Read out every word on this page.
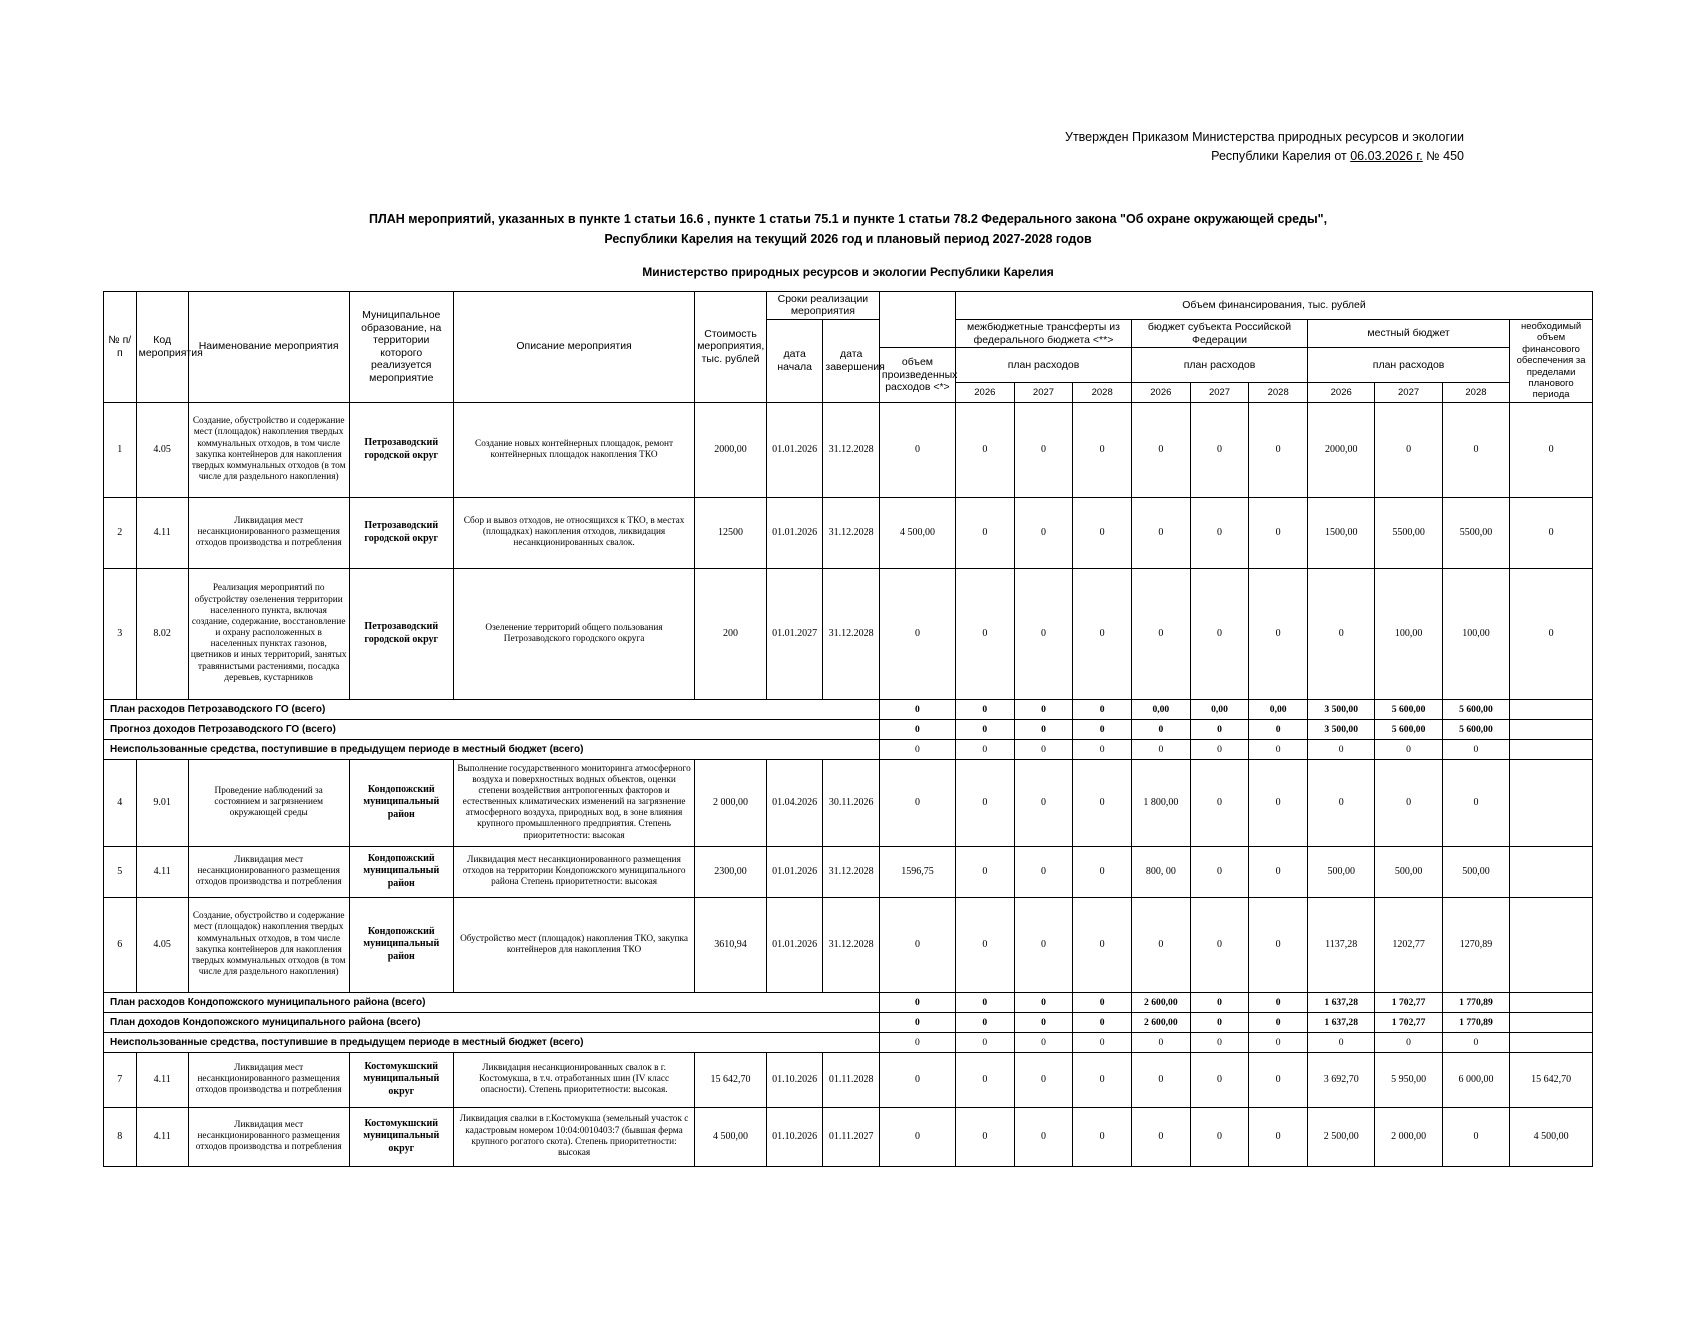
Утвержден Приказом Министерства природных ресурсов и экологии
Республики Карелия от 06.03.2026 г. № 450
ПЛАН мероприятий, указанных в пункте 1 статьи 16.6 , пункте 1 статьи 75.1 и пункте 1 статьи 78.2 Федерального закона "Об охране окружающей среды",
Республики Карелия на текущий 2026 год и плановый период 2027-2028 годов
Министерство природных ресурсов и экологии Республики Карелия
№ п/п	Код мероприятия	Наименование мероприятия	Муниципальное образование, на территории которого реализуется мероприятие	Описание мероприятия	Стоимость мероприятия, тыс. рублей	Сроки реализации мероприятия			Объем финансирования, тыс. рублей									
						дата начала	дата завершения		межбюджетные трансферты из федерального бюджета <**>			бюджет субъекта Российской Федерации			местный бюджет			необходимый объем финансового обеспечения за пределами планового периода
								объем произведенных расходов <*>	план расходов			план расходов			план расходов			
									2026	2027	2028	2026	2027	2028	2026	2027	2028	
1	4.05	Создание, обустройство и содержание мест (площадок) накопления твердых коммунальных отходов, в том числе закупка контейнеров для накопления твердых коммунальных отходов (в том числе для раздельного накопления)	Петрозаводский городской округ	Создание новых контейнерных площадок, ремонт контейнерных площадок накопления ТКО	2000,00	01.01.2026	31.12.2028	0	0	0	0	0	0	0	2000,00	0	0	0
2	4.11	Ликвидация мест несанкционированного размещения отходов производства и потребления	Петрозаводский городской округ	Сбор и вывоз отходов, не относящихся к ТКО, в местах (площадках) накопления отходов, ликвидация несанкционированных свалок.	12500	01.01.2026	31.12.2028	4 500,00	0	0	0	0	0	0	1500,00	5500,00	5500,00	0
3	8.02	Реализация мероприятий по обустройству озеленения территории населенного пункта, включая создание, содержание, восстановление и охрану расположенных в населенных пунктах газонов, цветников и иных территорий, занятых травянистыми растениями, посадка деревьев, кустарников	Петрозаводский городской округ	Озеленение территорий общего пользования Петрозаводского городского округа	200	01.01.2027	31.12.2028	0	0	0	0	0	0	0	0	100,00	100,00	0
План расходов Петрозаводского ГО (всего)								0	0	0	0	0,00	0,00	0,00	3 500,00	5 600,00	5 600,00	
Прогноз доходов Петрозаводского ГО (всего)								0	0	0	0	0	0	0	3 500,00	5 600,00	5 600,00	
Неиспользованные средства, поступившие в предыдущем периоде в местный бюджет (всего)								0	0	0	0	0	0	0	0	0	0	
4	9.01	Проведение наблюдений за состоянием и загрязнением окружающей среды	Кондопожский муниципальный район	Выполнение государственного мониторинга атмосферного воздуха и поверхностных водных объектов, оценки степени воздействия антропогенных факторов и естественных климатических изменений на загрязнение атмосферного воздуха, природных вод, в зоне влияния крупного промышленного предприятия. Степень приоритетности: высокая	2 000,00	01.04.2026	30.11.2026	0	0	0	0	1 800,00	0	0	0	0	0	
5	4.11	Ликвидация мест несанкционированного размещения отходов производства и потребления	Кондопожский муниципальный район	Ликвидация мест несанкционированного размещения отходов на территории Кондопожского муниципального района Степень приоритетности: высокая	2300,00	01.01.2026	31.12.2028	1596,75	0	0	0	800, 00	0	0	500,00	500,00	500,00	
6	4.05	Создание, обустройство и содержание мест (площадок) накопления твердых коммунальных отходов, в том числе закупка контейнеров для накопления твердых коммунальных отходов (в том числе для раздельного накопления)	Кондопожский муниципальный район	Обустройство мест (площадок) накопления ТКО, закупка контейнеров для накопления ТКО	3610,94	01.01.2026	31.12.2028	0	0	0	0	0	0	0	1137,28	1202,77	1270,89	
План расходов Кондопожского муниципального района (всего)								0	0	0	0	2 600,00	0	0	1 637,28	1 702,77	1 770,89	
План доходов Кондопожского муниципального района (всего)								0	0	0	0	2 600,00	0	0	1 637,28	1 702,77	1 770,89	
Неиспользованные средства, поступившие в предыдущем периоде в местный бюджет (всего)								0	0	0	0	0	0	0	0	0	0	
7	4.11	Ликвидация мест несанкционированного размещения отходов производства и потребления	Костомукшский муниципальный округ	Ликвидация несанкционированных свалок в г. Костомукша, в т.ч. отработанных шин (IV класс опасности). Степень приоритетности: высокая.	15 642,70	01.10.2026	01.11.2028	0	0	0	0	0	0	0	3 692,70	5 950,00	6 000,00	15 642,70
8	4.11	Ликвидация мест несанкционированного размещения отходов производства и потребления	Костомукшский муниципальный округ	Ликвидация свалки в г.Костомукша (земельный участок с кадастровым номером 10:04:0010403:7 (бывшая ферма крупного рогатого скота). Степень приоритетности: высокая	4 500,00	01.10.2026	01.11.2027	0	0	0	0	0	0	0	2 500,00	2 000,00	0	4 500,00
